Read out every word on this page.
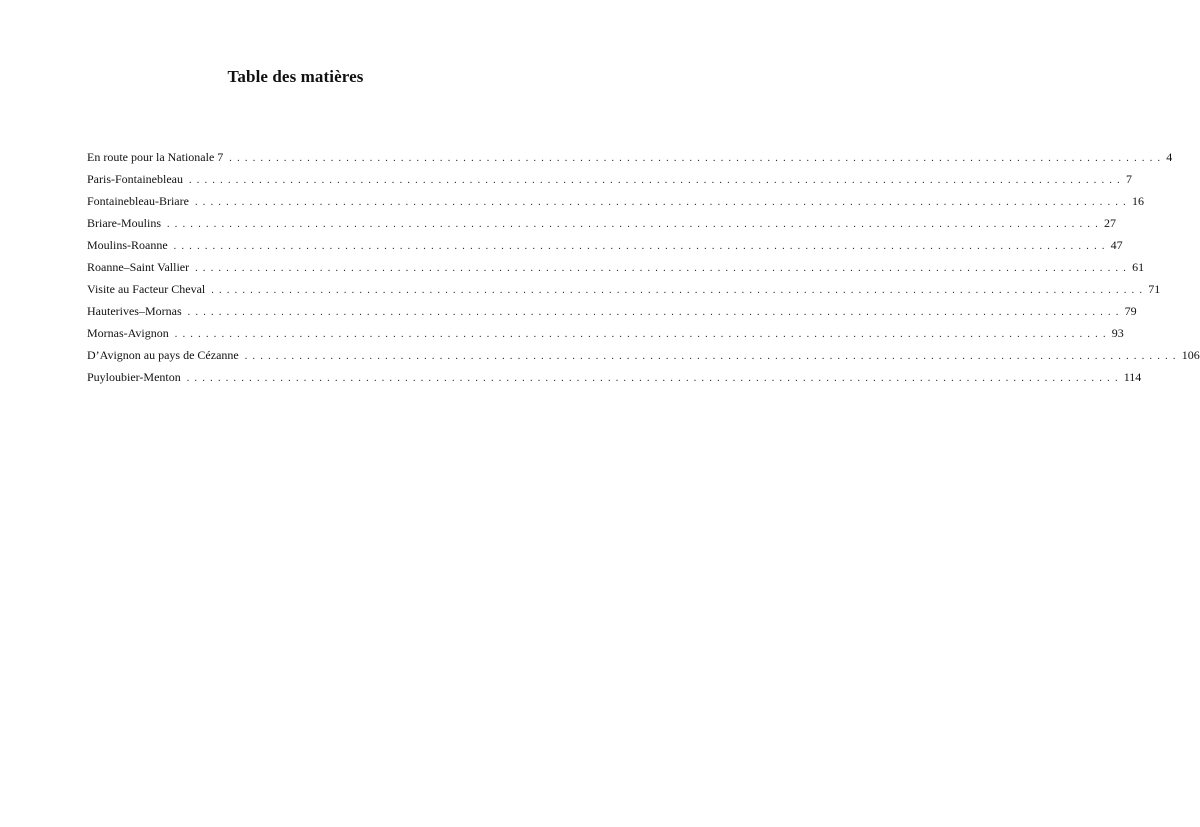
Table des matières
En route pour la Nationale 7 ........................................................................................................................ 4
Paris-Fontainebleau ........................................................................................................................ 7
Fontainebleau-Briare ........................................................................................................................ 16
Briare-Moulins ........................................................................................................................ 27
Moulins-Roanne ........................................................................................................................ 47
Roanne–Saint Vallier ........................................................................................................................ 61
Visite au Facteur Cheval ........................................................................................................................ 71
Hauterives–Mornas ........................................................................................................................ 79
Mornas-Avignon ........................................................................................................................ 93
D’Avignon au pays de Cézanne ........................................................................................................................ 106
Puyloubier-Menton ........................................................................................................................ 114
